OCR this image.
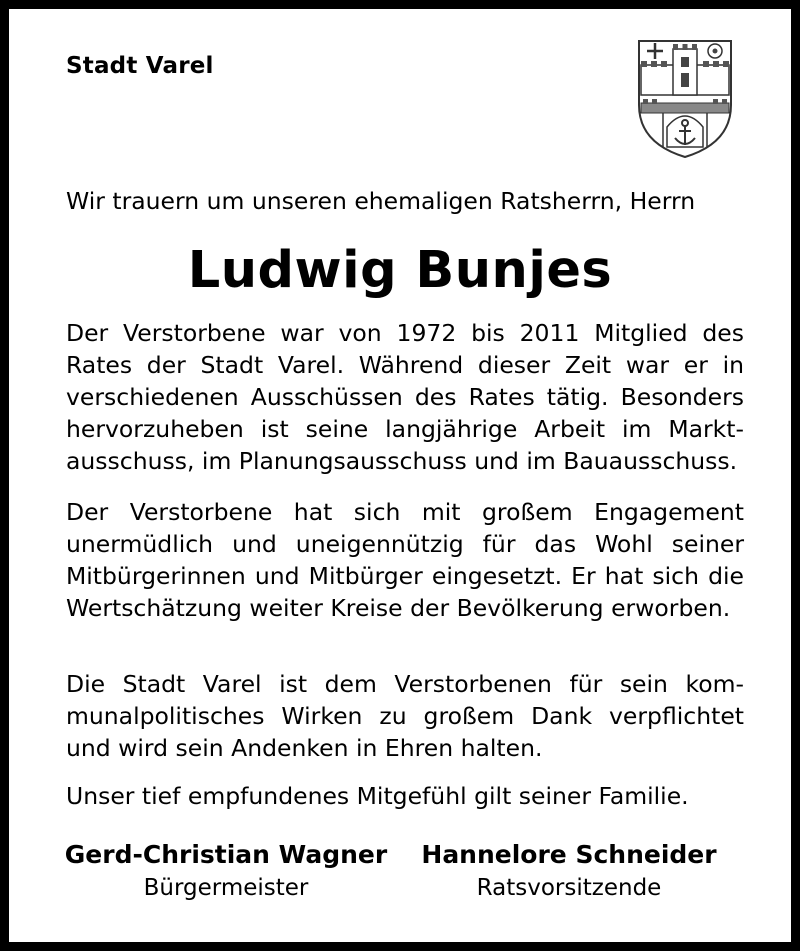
Stadt Varel
Wir trauern um unseren ehemaligen Ratsherrn, Herrn
Ludwig Bunjes
Der Verstorbene war von 1972 bis 2011 Mitglied des Rates der Stadt Varel. Während dieser Zeit war er in verschiedenen Ausschüssen des Rates tätig. Besonders hervorzuheben ist seine langjährige Arbeit im Marktausschuss, im Planungsausschuss und im Bauausschuss.
Der Verstorbene hat sich mit großem Engagement unermüdlich und uneigennützig für das Wohl seiner Mitbürgerinnen und Mitbürger eingesetzt. Er hat sich die Wertschätzung weiter Kreise der Bevölkerung erworben.
Die Stadt Varel ist dem Verstorbenen für sein kommunalpolitisches Wirken zu großem Dank verpflichtet und wird sein Andenken in Ehren halten.
Unser tief empfundenes Mitgefühl gilt seiner Familie.
Gerd-Christian Wagner
Bürgermeister
Hannelore Schneider
Ratsvorsitzende
